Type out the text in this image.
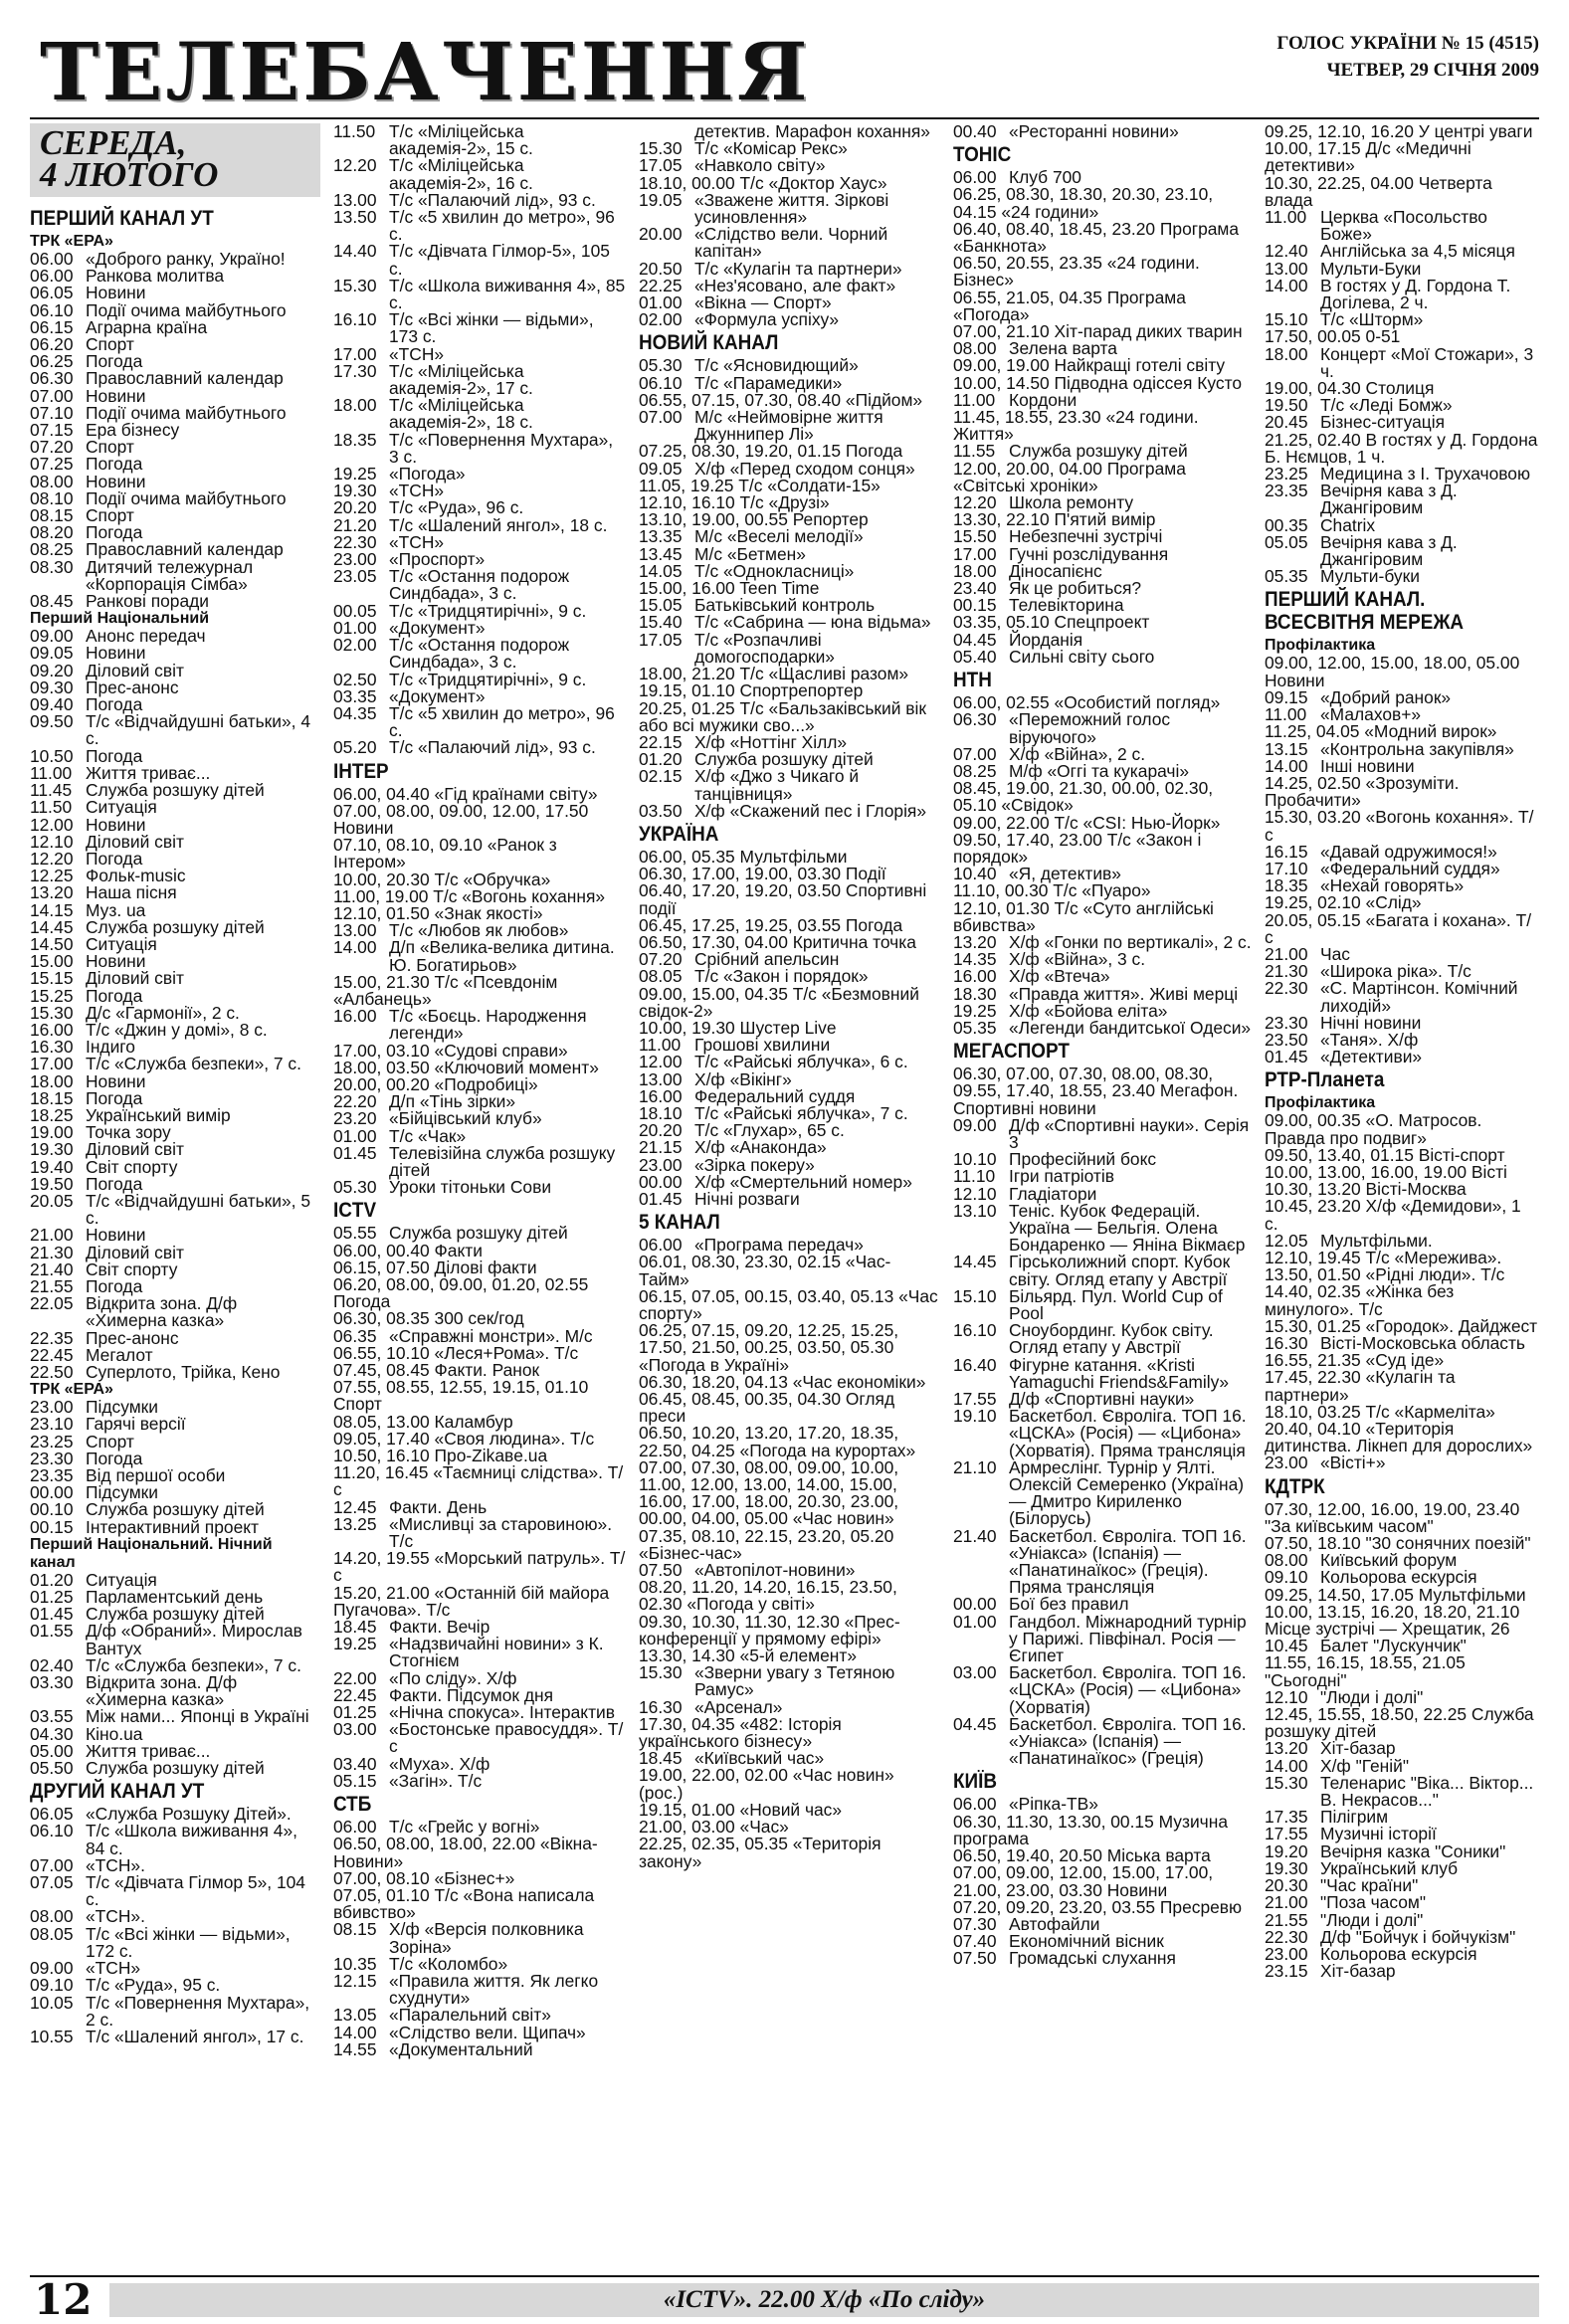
ТЕЛЕБАЧЕННЯ	ГОЛОС УКРАЇНИ № 15 (4515)
ЧЕТВЕР, 29 СІЧНЯ 2009
СЕРЕДА,
4 ЛЮТОГО
ПЕРШИЙ КАНАЛ УТ
ТРК «ЕРА»
06.00 «Доброго ранку, Україно!
06.00 Ранкова молитва
06.05 Новини
06.10 Події очима майбутнього
06.15 Аграрна країна
06.20 Спорт
06.25 Погода
06.30 Православний календар
07.00 Новини
07.10 Події очима майбутнього
07.15 Ера бізнесу
07.20 Спорт
07.25 Погода
08.00 Новини
08.10 Події очима майбутнього
08.15 Спорт
08.20 Погода
08.25 Православний календар
08.30 Дитячий тележурнал «Корпорація Сімба»
08.45 Ранкові поради
Перший Національний
09.00 Анонс передач
09.05 Новини
09.20 Діловий світ
09.30 Прес-анонс
09.40 Погода
09.50 Т/с «Відчайдушні батьки», 4 с.
10.50 Погода
11.00 Життя триває...
11.45 Служба розшуку дітей
11.50 Ситуація
12.00 Новини
12.10 Діловий світ
12.20 Погода
12.25 Фольк-music
13.20 Наша пісня
14.15 Муз. ua
14.45 Служба розшуку дітей
14.50 Ситуація
15.00 Новини
15.15 Діловий світ
15.25 Погода
15.30 Д/с «Гармонії», 2 с.
16.00 Т/с «Джин у домі», 8 с.
16.30 Індиго
17.00 Т/с «Служба безпеки», 7 с.
18.00 Новини
18.15 Погода
18.25 Український вимір
19.00 Точка зору
19.30 Діловий світ
19.40 Світ спорту
19.50 Погода
20.05 Т/с «Відчайдушні батьки», 5 с.
21.00 Новини
21.30 Діловий світ
21.40 Світ спорту
21.55 Погода
22.05 Відкрита зона. Д/ф «Химерна казка»
22.35 Прес-анонс
22.45 Мегалот
22.50 Суперлото, Трійка, Кено
ТРК «ЕРА»
23.00 Підсумки
23.10 Гарячі версії
23.25 Спорт
23.30 Погода
23.35 Від першої особи
00.00 Підсумки
00.10 Служба розшуку дітей
00.15 Інтерактивний проект
Перший Національний. Нічний канал
01.20 Ситуація
01.25 Парламентський день
01.45 Служба розшуку дітей
01.55 Д/ф «Обраний». Мирослав Вантух
02.40 Т/с «Служба безпеки», 7 с.
03.30 Відкрита зона. Д/ф «Химерна казка»
03.55 Між нами... Японці в Україні
04.30 Кіно.ua
05.00 Життя триває...
05.50 Служба розшуку дітей
ДРУГИЙ КАНАЛ УТ
06.05 «Служба Розшуку Дітей».
06.10 Т/с «Школа виживання 4», 84 с.
07.00 «ТСН».
07.05 Т/с «Дівчата Гілмор 5», 104 с.
08.00 «ТСН».
08.05 Т/с «Всі жінки — відьми», 172 с.
09.00 «ТСН»
09.10 Т/с «Руда», 95 с.
10.05 Т/с «Повернення Мухтара», 2 с.
10.55 Т/с «Шалений янгол», 17 с.
11.50 Т/с «Міліцейська академія-2», 15 с.
12.20 Т/с «Міліцейська академія-2», 16 с.
13.00 Т/с «Палаючий лід», 93 с.
13.50 Т/с «5 хвилин до метро», 96 с.
14.40 Т/с «Дівчата Гілмор-5», 105 с.
15.30 Т/с «Школа виживання 4», 85 с.
16.10 Т/с «Всі жінки — відьми», 173 с.
17.00 «ТСН»
17.30 Т/с «Міліцейська академія-2», 17 с.
18.00 Т/с «Міліцейська академія-2», 18 с.
18.35 Т/с «Повернення Мухтара», 3 с.
19.25 «Погода»
19.30 «ТСН»
20.20 Т/с «Руда», 96 с.
21.20 Т/с «Шалений янгол», 18 с.
22.30 «ТСН»
23.00 «Проспорт»
23.05 Т/с «Остання подорож Синдбада», 3 с.
00.05 Т/с «Тридцятирічні», 9 с.
01.00 «Документ»
02.00 Т/с «Остання подорож Синдбада», 3 с.
02.50 Т/с «Тридцятирічні», 9 с.
03.35 «Документ»
04.35 Т/с «5 хвилин до метро», 96 с.
05.20 Т/с «Палаючий лід», 93 с.
ІНТЕР
06.00, 04.40 «Гід країнами світу»
07.00, 08.00, 09.00, 12.00, 17.50 Новини
07.10, 08.10, 09.10 «Ранок з Інтером»
10.00, 20.30 Т/с «Обручка»
11.00, 19.00 Т/с «Вогонь кохання»
12.10, 01.50 «Знак якості»
13.00 Т/с «Любов як любов»
14.00 Д/п «Велика-велика дитина. Ю. Богатирьов»
15.00, 21.30 Т/с «Псевдонім «Албанець»
16.00 Т/с «Боєць. Народження легенди»
17.00, 03.10 «Судові справи»
18.00, 03.50 «Ключовий момент»
20.00, 00.20 «Подробиці»
22.20 Д/п «Тінь зірки»
23.20 «Бійцівський клуб»
01.00 Т/с «Чак»
01.45 Телевізійна служба розшуку дітей
05.30 Уроки тітоньки Сови
ICTV
05.55 Служба розшуку дітей
06.00, 00.40 Факти
06.15, 07.50 Ділові факти
06.20, 08.00, 09.00, 01.20, 02.55 Погода
06.30, 08.35 300 сек/год
06.35 «Справжні монстри». М/с
06.55, 10.10 «Леся+Рома». Т/с
07.45, 08.45 Факти. Ранок
07.55, 08.55, 12.55, 19.15, 01.10 Спорт
08.05, 13.00 Каламбур
09.05, 17.40 «Своя людина». Т/с
10.50, 16.10 Про-Zikaвe.ua
11.20, 16.45 «Таємниці слідства». Т/с
12.45 Факти. День
13.25 «Мисливці за старовиною». Т/с
14.20, 19.55 «Морський патруль». Т/с
15.20, 21.00 «Останній бій майора Пугачова». Т/с
18.45 Факти. Вечір
19.25 «Надзвичайні новини» з К. Стогнієм
22.00 «По сліду». Х/ф
22.45 Факти. Підсумок дня
01.25 «Нічна спокуса». Інтерактив
03.00 «Бостонське правосуддя». Т/с
03.40 «Муха». Х/ф
05.15 «Загін». Т/с
СТБ
06.00 Т/с «Грейс у вогні»
06.50, 08.00, 18.00, 22.00 «Вікна-Новини»
07.00, 08.10 «Бізнес+»
07.05, 01.10 Т/с «Вона написала вбивство»
08.15 Х/ф «Версія полковника Зоріна»
10.35 Т/с «Коломбо»
12.15 «Правила життя. Як легко схуднути»
13.05 «Паралельний світ»
14.00 «Слідство вели. Щипач»
14.55 «Документальний
детектив. Марафон кохання»
15.30 Т/с «Комісар Рекс»
17.05 «Навколо світу»
18.10, 00.00 Т/с «Доктор Хаус»
19.05 «Зважене життя. Зіркові усиновлення»
20.00 «Слідство вели. Чорний капітан»
20.50 Т/с «Кулагін та партнери»
22.25 «Нез'ясовано, але факт»
01.00 «Вікна — Спорт»
02.00 «Формула успіху»
НОВИЙ КАНАЛ
05.30 Т/с «Ясновидющий»
06.10 Т/с «Парамедики»
06.55, 07.15, 07.30, 08.40 «Підйом»
07.00 М/с «Неймовірне життя Джуннипер Лі»
07.25, 08.30, 19.20, 01.15 Погода
09.05 Х/ф «Перед сходом сонця»
11.05, 19.25 Т/с «Солдати-15»
12.10, 16.10 Т/с «Друзі»
13.10, 19.00, 00.55 Репортер
13.35 М/с «Веселі мелодії»
13.45 М/с «Бетмен»
14.05 Т/с «Однокласниці»
15.00, 16.00 Teen Time
15.05 Батьківський контроль
15.40 Т/с «Сабрина — юна відьма»
17.05 Т/с «Розпачливі домогосподарки»
18.00, 21.20 Т/с «Щасливі разом»
19.15, 01.10 Спортрепортер
20.25, 01.25 Т/с «Бальзаківський вік або всі мужики сво...»
22.15 Х/ф «Ноттінг Хілл»
01.20 Служба розшуку дітей
02.15 Х/ф «Джо з Чикаго й танцівниця»
03.50 Х/ф «Скажений пес і Глорія»
УКРАЇНА
06.00, 05.35 Мультфільми
06.30, 17.00, 19.00, 03.30 Події
06.40, 17.20, 19.20, 03.50 Спортивні події
06.45, 17.25, 19.25, 03.55 Погода
06.50, 17.30, 04.00 Критична точка
07.20 Срібний апельсин
08.05 Т/с «Закон і порядок»
09.00, 15.00, 04.35 Т/с «Безмовний свідок-2»
10.00, 19.30 Шустер Live
11.00 Грошові хвилини
12.00 Т/с «Райські яблучка», 6 с.
13.00 Х/ф «Вікінг»
16.00 Федеральний суддя
18.10 Т/с «Райські яблучка», 7 с.
20.20 Т/с «Глухар», 65 с.
21.15 Х/ф «Анаконда»
23.00 «Зірка покеру»
00.00 Х/ф «Смертельний номер»
01.45 Нічні розваги
5 КАНАЛ
06.00 «Програма передач»
06.01, 08.30, 23.30, 02.15 «Час-Тайм»
06.15, 07.05, 00.15, 03.40, 05.13 «Час спорту»
06.25, 07.15, 09.20, 12.25, 15.25, 17.50, 21.50, 00.25, 03.50, 05.30 «Погода в Україні»
06.30, 18.20, 04.13 «Час економіки»
06.45, 08.45, 00.35, 04.30 Огляд преси
06.50, 10.20, 13.20, 17.20, 18.35, 22.50, 04.25 «Погода на курортах»
07.00, 07.30, 08.00, 09.00, 10.00, 11.00, 12.00, 13.00, 14.00, 15.00, 16.00, 17.00, 18.00, 20.30, 23.00, 00.00, 04.00, 05.00 «Час новин»
07.35, 08.10, 22.15, 23.20, 05.20 «Бізнес-час»
07.50 «Автопілот-новини»
08.20, 11.20, 14.20, 16.15, 23.50, 02.30 «Погода у світі»
09.30, 10.30, 11.30, 12.30 «Прес-конференції у прямому ефірі»
13.30, 14.30 «5-й елемент»
15.30 «Зверни увагу з Тетяною Рамус»
16.30 «Арсенал»
17.30, 04.35 «482: Історія українського бізнесу»
18.45 «Київський час»
19.00, 22.00, 02.00 «Час новин» (рос.)
19.15, 01.00 «Новий час»
21.00, 03.00 «Час»
22.25, 02.35, 05.35 «Територія закону»
00.40 «Ресторанні новини»
ТОНІС
06.00 Клуб 700
06.25, 08.30, 18.30, 20.30, 23.10, 04.15 «24 години»
06.40, 08.40, 18.45, 23.20 Програма «Банкнота»
06.50, 20.55, 23.35 «24 години. Бізнес»
06.55, 21.05, 04.35 Програма «Погода»
07.00, 21.10 Хіт-парад диких тварин
08.00 Зелена варта
09.00, 19.00 Найкращі готелі світу
10.00, 14.50 Підводна одіссея Кусто
11.00 Кордони
11.45, 18.55, 23.30 «24 години. Життя»
11.55 Служба розшуку дітей
12.00, 20.00, 04.00 Програма «Світські хроніки»
12.20 Школа ремонту
13.30, 22.10 П'ятий вимір
15.50 Небезпечні зустрічі
17.00 Гучні розслідування
18.00 Діносапієнс
23.40 Як це робиться?
00.15 Телевікторина
03.35, 05.10 Спецпроект
04.45 Йорданія
05.40 Сильні світу сього
НТН
06.00, 02.55 «Особистий погляд»
06.30 «Переможний голос віруючого»
07.00 Х/ф «Війна», 2 с.
08.25 М/ф «Оггі та кукарачі»
08.45, 19.00, 21.30, 00.00, 02.30, 05.10 «Свідок»
09.00, 22.00 Т/с «CSI: Нью-Йорк»
09.50, 17.40, 23.00 Т/с «Закон і порядок»
10.40 «Я, детектив»
11.10, 00.30 Т/с «Пуаро»
12.10, 01.30 Т/с «Суто англійські вбивства»
13.20 Х/ф «Гонки по вертикалі», 2 с.
14.35 Х/ф «Війна», 3 с.
16.00 Х/ф «Втеча»
18.30 «Правда життя». Живі мерці
19.25 Х/ф «Бойова еліта»
05.35 «Легенди бандитської Одеси»
МЕГАСПОРТ
06.30, 07.00, 07.30, 08.00, 08.30, 09.55, 17.40, 18.55, 23.40 Мегафон. Спортивні новини
09.00 Д/ф «Спортивні науки». Серія 3
10.10 Професійний бокс
11.10 Ігри патріотів
12.10 Гладіатори
13.10 Теніс. Кубок Федерацій. Україна — Бельгія. Олена Бондаренко — Яніна Вікмаєр
14.45 Гірськолижний спорт. Кубок світу. Огляд етапу у Австрії
15.10 Більярд. Пул. World Cup of Pool
16.10 Сноубординг. Кубок світу. Огляд етапу у Австрії
16.40 Фігурне катання. «Kristi Yamaguchi Friends&Family»
17.55 Д/ф «Спортивні науки»
19.10 Баскетбол. Євроліга. ТОП 16. «ЦСКА» (Росія) — «Цибона» (Хорватія). Пряма трансляція
21.10 Армреслінг. Турнір у Ялті. Олексій Семеренко (Україна) — Дмитро Кириленко (Білорусь)
21.40 Баскетбол. Євроліга. ТОП 16. «Уніакса» (Іспанія) — «Панатинаїкос» (Греція). Пряма трансляція
00.00 Бої без правил
01.00 Гандбол. Міжнародний турнір у Парижі. Півфінал. Росія — Єгипет
03.00 Баскетбол. Євроліга. ТОП 16. «ЦСКА» (Росія) — «Цибона» (Хорватія)
04.45 Баскетбол. Євроліга. ТОП 16. «Уніакса» (Іспанія) — «Панатинаїкос» (Греція)
КИЇВ
06.00 «Ріпка-ТВ»
06.30, 11.30, 13.30, 00.15 Музична програма
06.50, 19.40, 20.50 Міська варта
07.00, 09.00, 12.00, 15.00, 17.00, 21.00, 23.00, 03.30 Новини
07.20, 09.20, 23.20, 03.55 Пресревю
07.30 Автофайли
07.40 Економічний вісник
07.50 Громадські слухання
09.25, 12.10, 16.20 У центрі уваги
10.00, 17.15 Д/с «Медичні детективи»
10.30, 22.25, 04.00 Четверта влада
11.00 Церква «Посольство Боже»
12.40 Англійська за 4,5 місяця
13.00 Мульти-Буки
14.00 В гостях у Д. Гордона Т. Догілева, 2 ч.
15.10 Т/с «Шторм»
17.50, 00.05 0-51
18.00 Концерт «Мої Стожари», 3 ч.
19.00, 04.30 Столиця
19.50 Т/с «Леді Бомж»
20.45 Бізнес-ситуація
21.25, 02.40 В гостях у Д. Гордона Б. Нємцов, 1 ч.
23.25 Медицина з І. Трухачовою
23.35 Вечірня кава з Д. Джангіровим
00.35 Chatrix
05.05 Вечірня кава з Д. Джангіровим
05.35 Мульти-буки
ПЕРШИЙ КАНАЛ.
ВСЕСВІТНЯ МЕРЕЖА
Профілактика
09.00, 12.00, 15.00, 18.00, 05.00 Новини
09.15 «Добрий ранок»
11.00 «Малахов+»
11.25, 04.05 «Модний вирок»
13.15 «Контрольна закупівля»
14.00 Інші новини
14.25, 02.50 «Зрозуміти. Пробачити»
15.30, 03.20 «Вогонь кохання». Т/с
16.15 «Давай одружимося!»
17.10 «Федеральний суддя»
18.35 «Нехай говорять»
19.25, 02.10 «Слід»
20.05, 05.15 «Багата і кохана». Т/с
21.00 Час
21.30 «Широка ріка». Т/с
22.30 «С. Мартінсон. Комічний лиходій»
23.30 Нічні новини
23.50 «Таня». Х/ф
01.45 «Детективи»
РТР-Планета
Профілактика
09.00, 00.35 «О. Матросов. Правда про подвиг»
09.50, 13.40, 01.15 Вісті-спорт
10.00, 13.00, 16.00, 19.00 Вісті
10.30, 13.20 Вісті-Москва
10.45, 23.20 Х/ф «Демидови», 1 с.
12.05 Мультфільми.
12.10, 19.45 Т/с «Мережива».
13.50, 01.50 «Рідні люди». Т/с
14.40, 02.35 «Жінка без минулого». Т/с
15.30, 01.25 «Городок». Дайджест
16.30 Вісті-Московська область
16.55, 21.35 «Суд іде»
17.45, 22.30 «Кулагін та партнери»
18.10, 03.25 Т/с «Кармеліта»
20.40, 04.10 «Територія дитинства. Лікнеп для дорослих»
23.00 «Вісті+»
КДТРК
07.30, 12.00, 16.00, 19.00, 23.40 "За київським часом"
07.50, 18.10 "30 сонячних поезій"
08.00 Київський форум
09.10 Кольорова ескурсія
09.25, 14.50, 17.05 Мультфільми
10.00, 13.15, 16.20, 18.20, 21.10 Місце зустрічі — Хрещатик, 26
10.45 Балет "Лускунчик"
11.55, 16.15, 18.55, 21.05 "Сьогодні"
12.10 "Люди і долі"
12.45, 15.55, 18.50, 22.25 Служба розшуку дітей
13.20 Хіт-базар
14.00 Х/ф "Геній"
15.30 Теленарис "Віка... Віктор... В. Некрасов..."
17.35 Пілігрим
17.55 Музичні історії
19.20 Вечірня казка "Соники"
19.30 Український клуб
20.30 "Час країни"
21.00 "Поза часом"
21.55 "Люди і долі"
22.30 Д/ф "Бойчук і бойчукізм"
23.00 Кольорова ескурсія
23.15 Хіт-базар
12	«ICTV». 22.00 Х/ф «По сліду»
